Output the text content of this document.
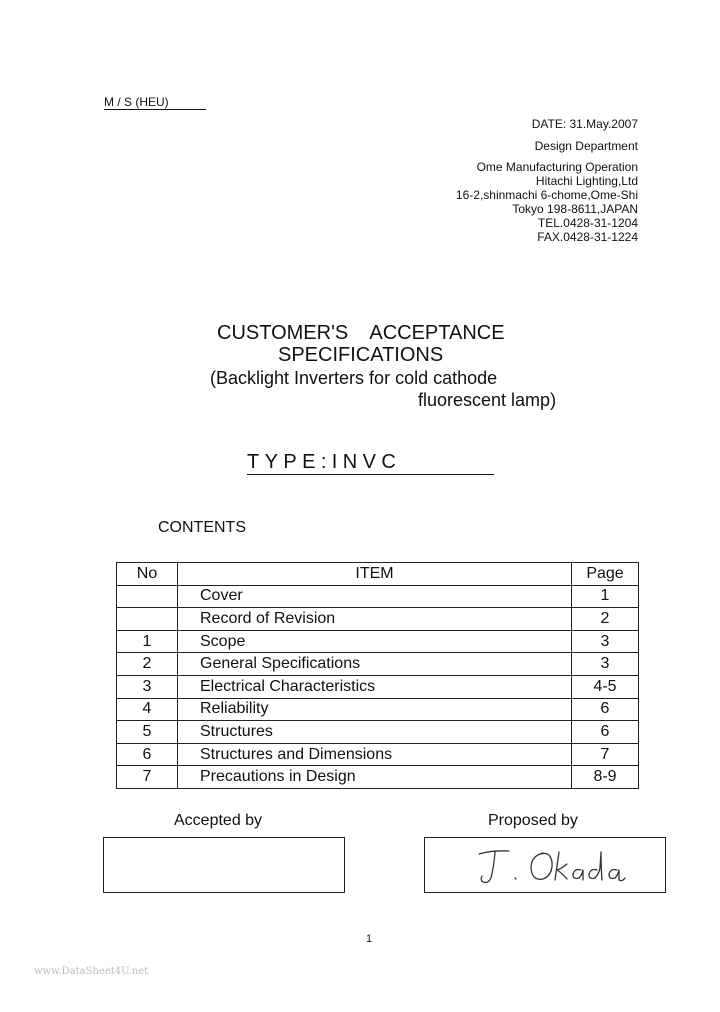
M / S (HEU)
DATE: 31.May.2007
Design Department
Ome Manufacturing Operation
Hitachi Lighting,Ltd
16-2,shinmachi 6-chome,Ome-Shi
Tokyo 198-8611,JAPAN
TEL.0428-31-1204
FAX.0428-31-1224
CUSTOMER'S    ACCEPTANCE
SPECIFICATIONS
(Backlight Inverters for cold cathode
fluorescent lamp)
TYPE:INVC
CONTENTS
No	ITEM	Page
	Cover	1
	Record of Revision	2
1	Scope	3
2	General Specifications	3
3	Electrical Characteristics	4-5
4	Reliability	6
5	Structures	6
6	Structures and Dimensions	7
7	Precautions in Design	8-9
Accepted by	Proposed by
1
www.DataSheet4U.net
